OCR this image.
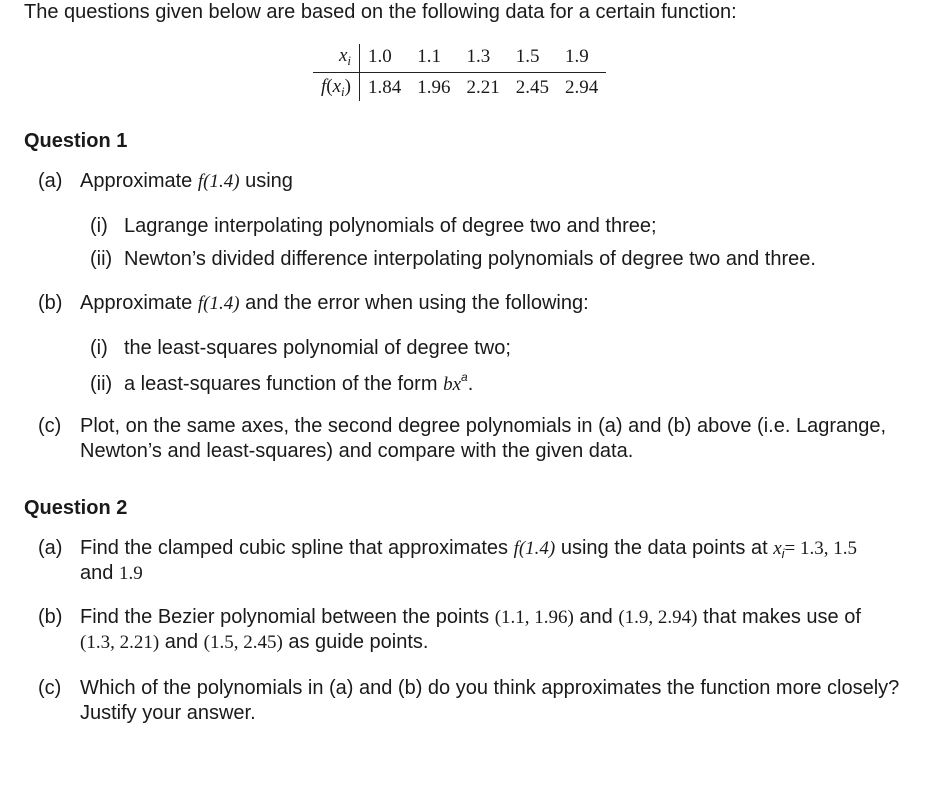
The questions given below are based on the following data for a certain function:
$x_i$	1.0	1.1	1.3	1.5	1.9
$f(x_i)$	1.84	1.96	2.21	2.45	2.94
Question 1
(a) Approximate f(1.4) using
(i) Lagrange interpolating polynomials of degree two and three;
(ii) Newton’s divided difference interpolating polynomials of degree two and three.
(b) Approximate f(1.4) and the error when using the following:
(i) the least-squares polynomial of degree two;
(ii) a least-squares function of the form $bx^a$.
(c) Plot, on the same axes, the second degree polynomials in (a) and (b) above (i.e. Lagrange,
Newton’s and least-squares) and compare with the given data.
Question 2
(a) Find the clamped cubic spline that approximates f(1.4) using the data points at $x_i= 1.3$, 1.5
and 1.9
(b) Find the Bezier polynomial between the points (1.1, 1.96) and (1.9, 2.94) that makes use of
(1.3, 2.21) and (1.5, 2.45) as guide points.
(c) Which of the polynomials in (a) and (b) do you think approximates the function more closely?
Justify your answer.
